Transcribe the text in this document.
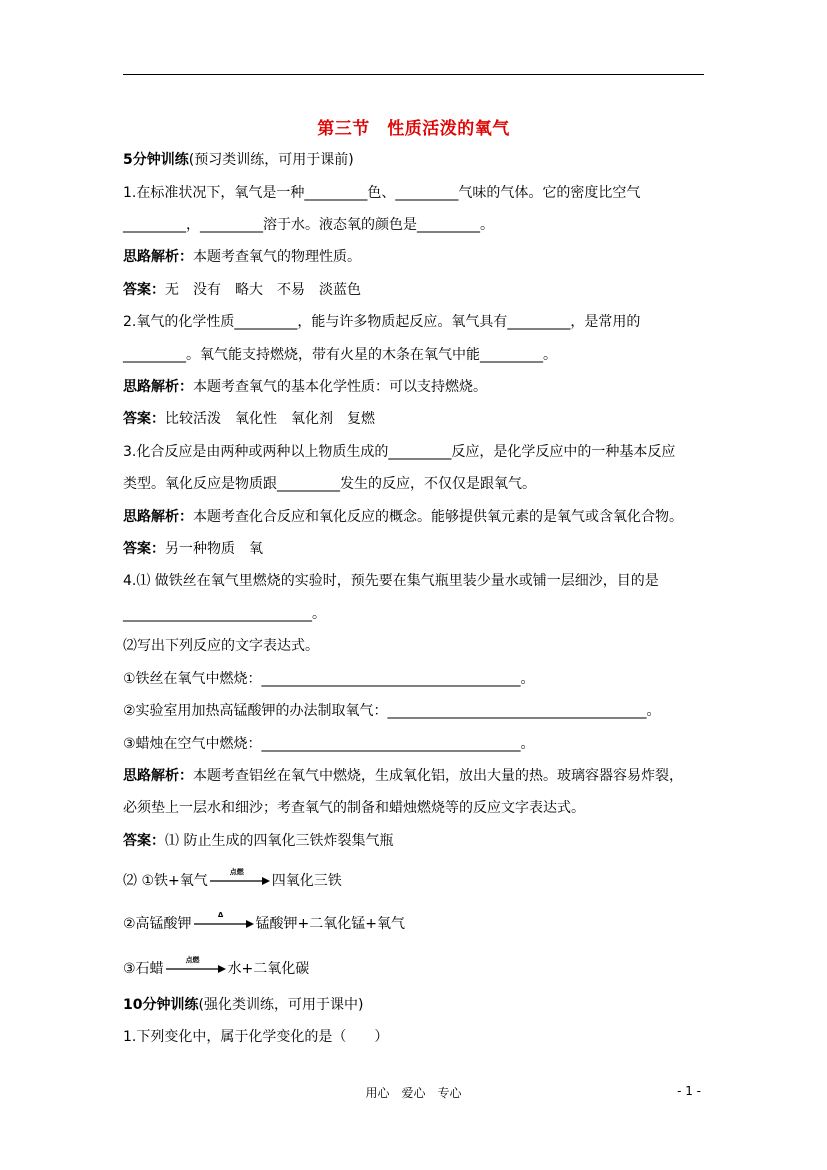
第三节　性质活泼的氧气
5分钟训练(预习类训练，可用于课前)
1.在标准状况下，氧气是一种_________色、_________气味的气体。它的密度比空气
_________，_________溶于水。液态氧的颜色是_________。
思路解析：本题考查氧气的物理性质。
答案：无　没有　略大　不易　淡蓝色
2.氧气的化学性质_________，能与许多物质起反应。氧气具有_________，是常用的
_________。氧气能支持燃烧，带有火星的木条在氧气中能_________。
思路解析：本题考查氧气的基本化学性质：可以支持燃烧。
答案：比较活泼　氧化性　氧化剂　复燃
3.化合反应是由两种或两种以上物质生成的_________反应，是化学反应中的一种基本反应
类型。氧化反应是物质跟_________发生的反应，不仅仅是跟氧气。
思路解析：本题考查化合反应和氧化反应的概念。能够提供氧元素的是氧气或含氧化合物。
答案：另一种物质　氧
4.⑴ 做铁丝在氧气里燃烧的实验时，预先要在集气瓶里装少量水或铺一层细沙，目的是
___________________________。
⑵写出下列反应的文字表达式。
①铁丝在氧气中燃烧：_____________________________________。
②实验室用加热高锰酸钾的办法制取氧气：_____________________________________。
③蜡烛在空气中燃烧：_____________________________________。
思路解析：本题考查铝丝在氧气中燃烧，生成氧化铝，放出大量的热。玻璃容器容易炸裂，
必须垫上一层水和细沙；考查氧气的制备和蜡烛燃烧等的反应文字表达式。
答案：⑴ 防止生成的四氧化三铁炸裂集气瓶
⑵ ①铁+氧气
点燃
四氧化三铁
②高锰酸钾
Δ
锰酸钾+二氧化锰+氧气
③石蜡
点燃
水+二氧化碳
10分钟训练(强化类训练，可用于课中)
1.下列变化中，属于化学变化的是（　　）
用心　爱心　专心	- 1 -
